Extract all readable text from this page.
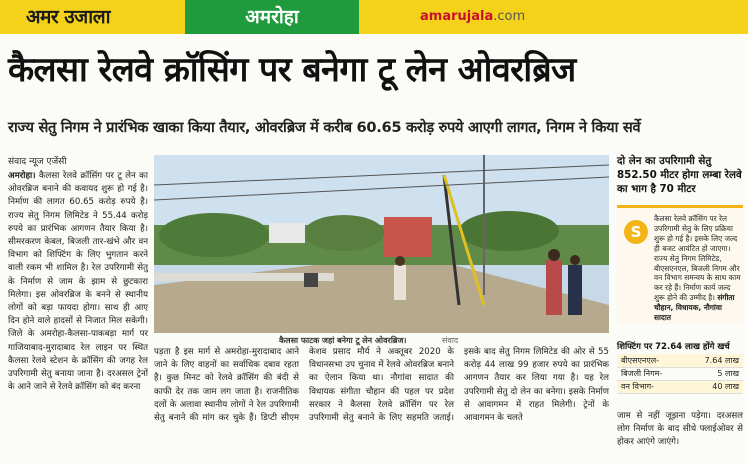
अमर उजाला	अमरोहा	amarujala.com
कैलसा रेलवे क्रॉसिंग पर बनेगा टू लेन ओवरब्रिज
राज्य सेतु निगम ने प्रारंभिक खाका किया तैयार, ओवरब्रिज में करीब 60.65 करोड़ रुपये आएगी लागत, निगम ने किया सर्वे
संवाद न्यूज एजेंसी
अमरोहा। कैलसा रेलवे क्रॉसिंग पर टू लेन का ओवरब्रिज बनाने की कवायद शुरू हो गई है। निर्माण की लागत 60.65 करोड़ रुपये है। राज्य सेतु निगम लिमिटेड ने 55.44 करोड़ रुपये का प्रारंभिक आगणन तैयार किया है। सीमरकरण केबल, बिजली तार-खंभे और वन विभाग को शिफ्टिंग के लिए भुगतान करने वाली रकम भी शामिल है। रेल उपरिगामी सेतु के निर्माण से जाम के झाम से छुटकारा मिलेगा। इस ओवरब्रिज के बनने से स्थानीय लोगों को बड़ा फायदा होगा। साथ ही आए दिन होने वाले हादसों से निजात मिल सकेगी। जिले के अमरोहा-कैलसा-पाकबड़ा मार्ग पर गाजियाबाद-मुरादाबाद रेल लाइन पर स्थित कैलसा रेलवे स्टेशन के क्रॉसिंग की जगह रेल उपरिगामी सेतु बनाया जाना है। दरअसल ट्रेनों के आने जाने से रेलवे क्रॉसिंग को बंद करना
कैलसा फाटक जहां बनेगा टू लेन ओवरब्रिज।	संवाद
पड़ता है इस मार्ग से अमरोहा-मुरादाबाद आने जाने के लिए वाहनों का सर्वाधिक दबाव रहता है। कुछ मिनट को रेलवे क्रॉसिंग की बंदी से काफी देर तक जाम लग जाता है। राजनीतिक दलों के अलावा स्थानीय लोगों ने रेल उपरिगामी सेतु बनाने की मांग कर चुके हैं। डिप्टी सीएम केशव प्रसाद मौर्य ने अक्तूबर 2020 के विधानसभा उप चुनाव में रेलवे ओवरब्रिज बनाने का ऐलान किया था। नौगांवा सादात की विधायक संगीता चौहान की पहल पर प्रदेश सरकार ने कैलसा रेलवे क्रॉसिंग पर रेल उपरिगामी सेतु बनाने के लिए सहमति जताई। इसके बाद सेतु निगम लिमिटेड की ओर से 55 करोड़ 44 लाख 99 हजार रुपये का प्रारंभिक आगणन तैयार कर लिया गया है। यह रेल उपरिगामी सेतु दो लेन का बनेगा। इसके निर्माण से आवागमन में राहत मिलेगी। ट्रेनों के आवागमन के चलते
दो लेन का उपरिगामी सेतु 852.50 मीटर होगा लम्बा रेलवे का भाग है 70 मीटर
S
कैलसा रेलवे क्रॉसिंग पर रेल उपरिगामी सेतु के लिए प्रक्रिया शुरू हो गई है। इसके लिए जल्द ही बजट आवंटित हो जाएगा। राज्य सेतु निगम लिमिटेड, बीएसएनएल, बिजली निगम और वन विभाग समन्वय के साथ काम कर रहे हैं। निर्माण कार्य जल्द शुरू होने की उम्मीद है। संगीता चौहान, विधायक, नौगांवा सादात
शिफ्टिंग पर 72.64 लाख होंगे खर्च
बीएसएनएल-	7.64 लाख
बिजली निगम-	5 लाख
वन विभाग-	40 लाख
जाम से नहीं जूझना पड़ेगा। दरअसल लोग निर्माण के बाद सीधे फ्लाईओवर से होकर आएंगे जाएंगे।
